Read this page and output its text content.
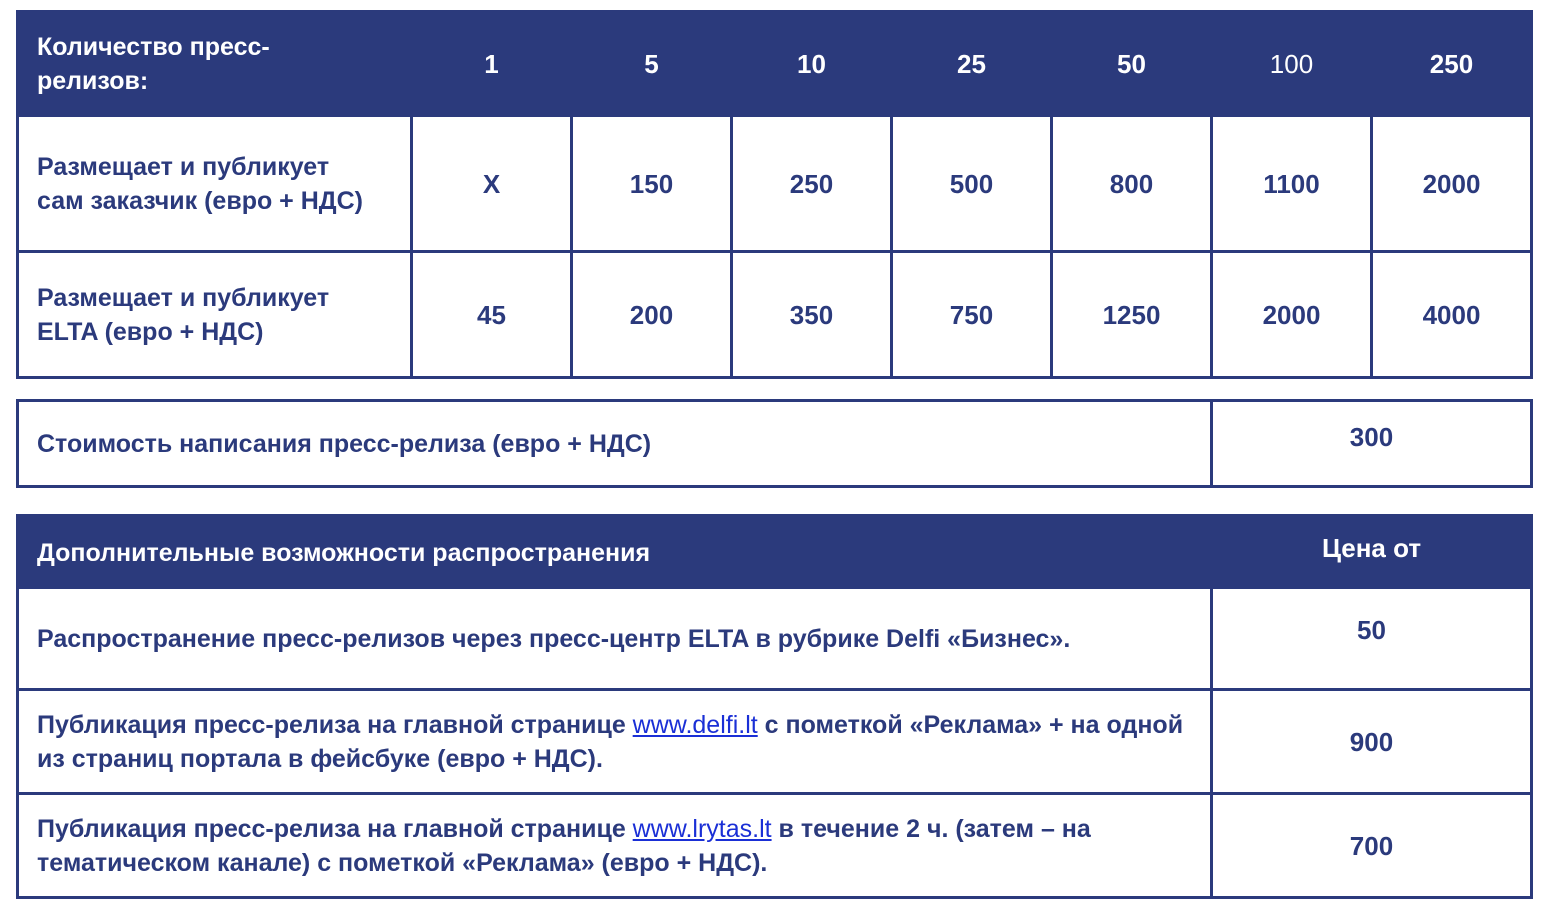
Количество пресс-релизов:	1	5	10	25	50	100	250
Размещает и публикует сам заказчик (евро + НДС)	X	150	250	500	800	1100	2000
Размещает и публикует ELTA (евро + НДС)	45	200	350	750	1250	2000	4000
Стоимость написания пресс-релиза (евро + НДС)	300
Дополнительные возможности распространения	Цена от
Распространение пресс-релизов через пресс-центр ELTA в рубрике Delfi «Бизнес».	50
Публикация пресс-релиза на главной странице www.delfi.lt с пометкой «Реклама» + на одной из страниц портала в фейсбуке (евро + НДС).	900
Публикация пресс-релиза на главной странице www.lrytas.lt в течение 2 ч. (затем – на тематическом канале) с пометкой «Реклама» (евро + НДС).	700
